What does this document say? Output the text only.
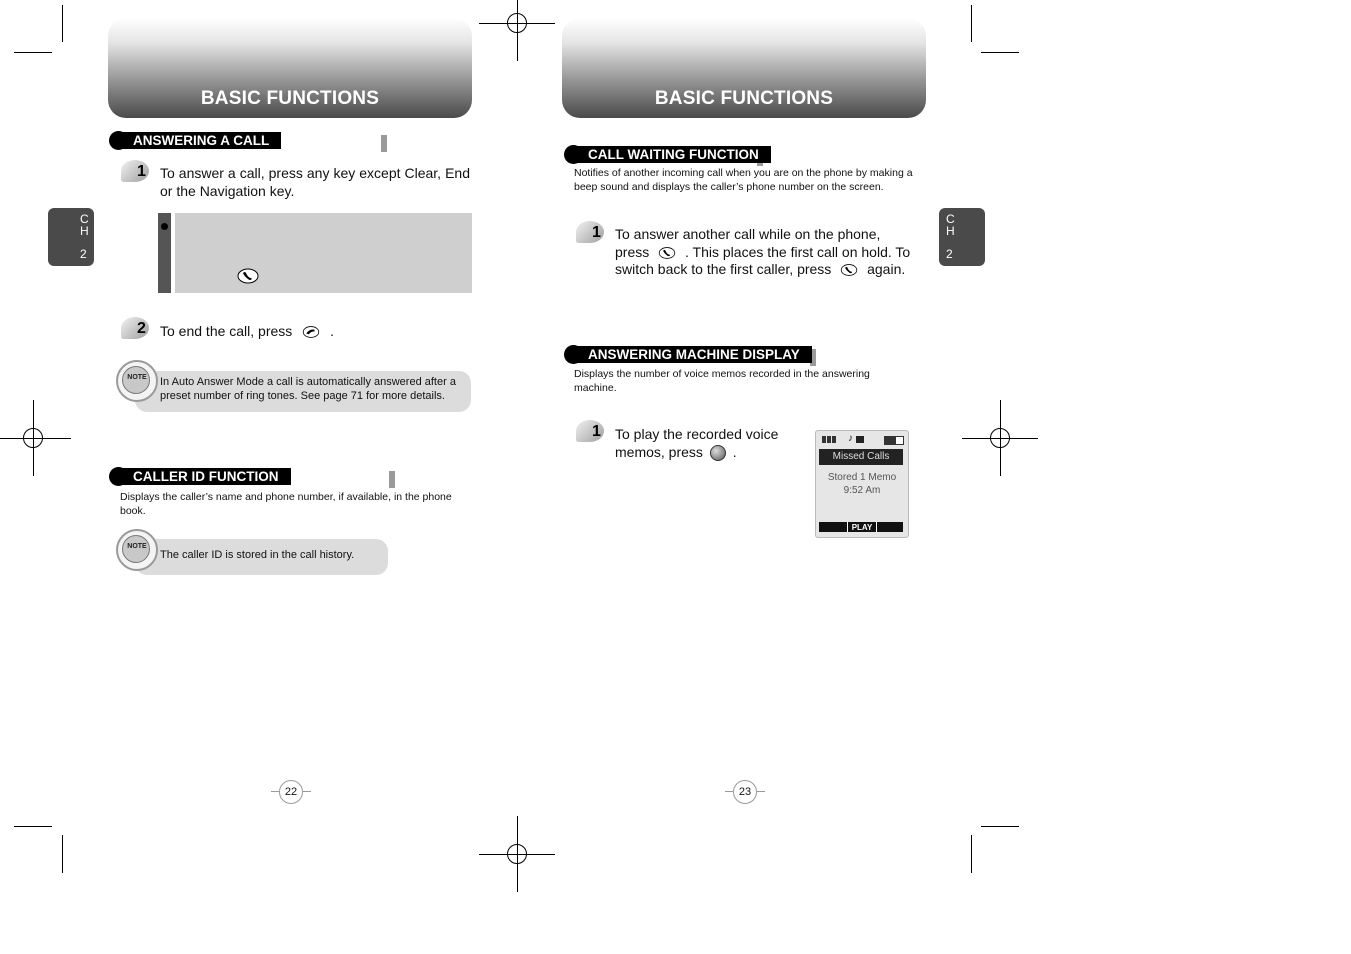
BASIC FUNCTIONS
C
H
2
ANSWERING A CALL
1 To answer a call, press any key except Clear, End or the Navigation key.
2 To end the call, press	.
In Auto Answer Mode a call is automatically answered after a preset number of ring tones. See page 71 for more details.
NOTE
CALLER ID FUNCTION
Displays the caller’s name and phone number, if available, in the phone book.
The caller ID is stored in the call history.
NOTE
22
BASIC FUNCTIONS
C
H
2
CALL WAITING FUNCTION
Notifies of another incoming call when you are on the phone by making a beep sound and displays the caller’s phone number on the screen.
1 To answer another call while on the phone, press	. This places the first call on hold. To switch back to the first caller, press	again.
ANSWERING MACHINE DISPLAY
Displays the number of voice memos recorded in the answering machine.
1 To play the recorded voice memos, press .
♪
Missed Calls
Stored 1 Memo
9:52 Am
PLAY
23
